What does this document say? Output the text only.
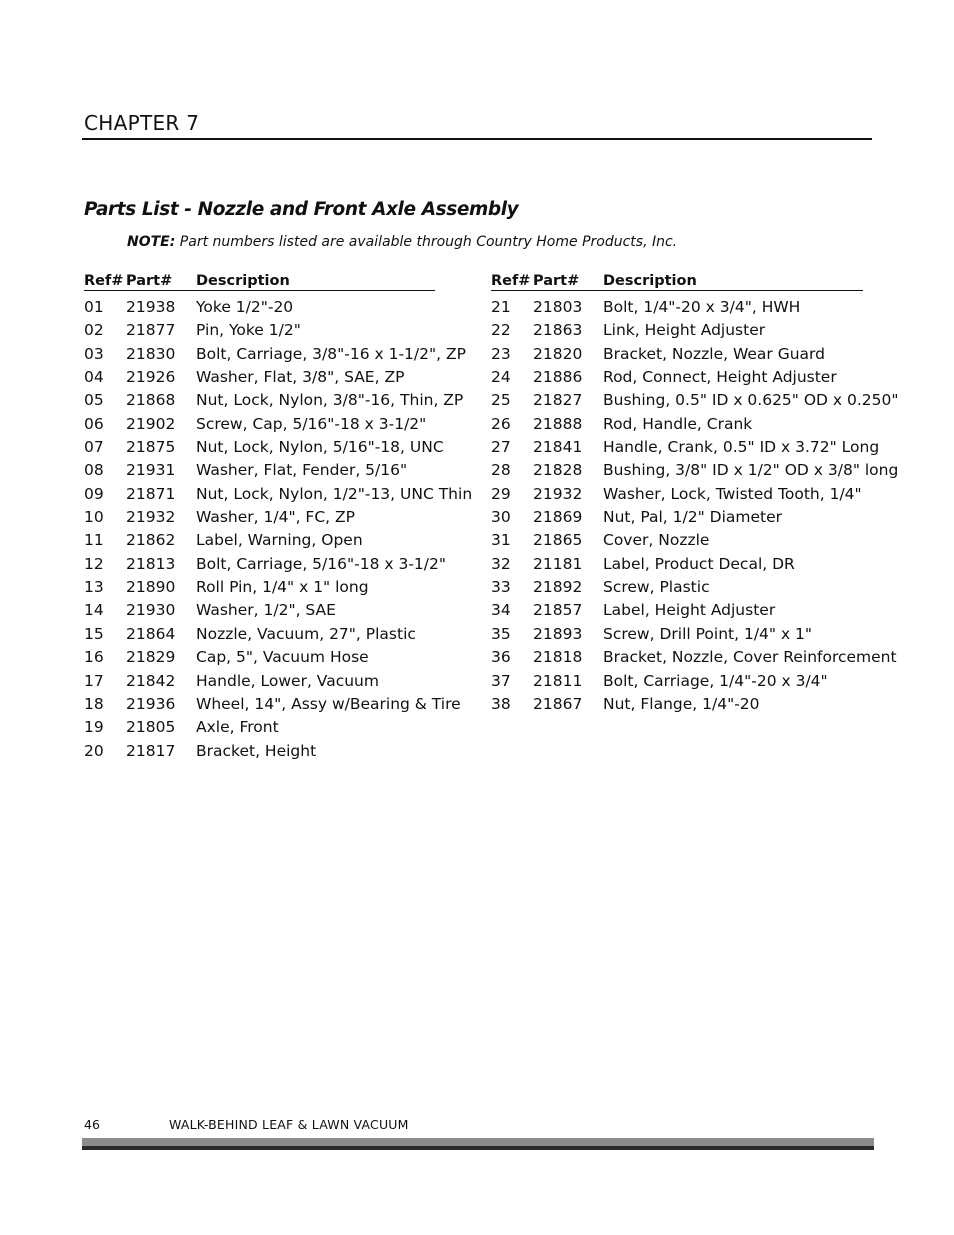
CHAPTER 7
Parts List - Nozzle and Front Axle Assembly
NOTE: Part numbers listed are available through Country Home Products, Inc.
Ref# Part# Description
01 21938 Yoke 1/2"-20
02 21877 Pin, Yoke 1/2"
03 21830 Bolt, Carriage, 3/8"-16 x 1-1/2", ZP
04 21926 Washer, Flat, 3/8", SAE, ZP
05 21868 Nut, Lock, Nylon, 3/8"-16, Thin, ZP
06 21902 Screw, Cap, 5/16"-18 x 3-1/2"
07 21875 Nut, Lock, Nylon, 5/16"-18, UNC
08 21931 Washer, Flat, Fender, 5/16"
09 21871 Nut, Lock, Nylon, 1/2"-13, UNC Thin
10 21932 Washer, 1/4", FC, ZP
11 21862 Label, Warning, Open
12 21813 Bolt, Carriage, 5/16"-18 x 3-1/2"
13 21890 Roll Pin, 1/4" x 1" long
14 21930 Washer, 1/2", SAE
15 21864 Nozzle, Vacuum, 27", Plastic
16 21829 Cap, 5", Vacuum Hose
17 21842 Handle, Lower, Vacuum
18 21936 Wheel, 14", Assy w/Bearing & Tire
19 21805 Axle, Front
20 21817 Bracket, Height
Ref# Part# Description
21 21803 Bolt, 1/4"-20 x 3/4", HWH
22 21863 Link, Height Adjuster
23 21820 Bracket, Nozzle, Wear Guard
24 21886 Rod, Connect, Height Adjuster
25 21827 Bushing, 0.5" ID x 0.625" OD x 0.250"
26 21888 Rod, Handle, Crank
27 21841 Handle, Crank, 0.5" ID x 3.72" Long
28 21828 Bushing, 3/8" ID x 1/2" OD x 3/8" long
29 21932 Washer, Lock, Twisted Tooth, 1/4"
30 21869 Nut, Pal, 1/2" Diameter
31 21865 Cover, Nozzle
32 21181 Label, Product Decal, DR
33 21892 Screw, Plastic
34 21857 Label, Height Adjuster
35 21893 Screw, Drill Point, 1/4" x 1"
36 21818 Bracket, Nozzle, Cover Reinforcement
37 21811 Bolt, Carriage, 1/4"-20 x 3/4"
38 21867 Nut, Flange, 1/4"-20
46	WALK-BEHIND LEAF & LAWN VACUUM
